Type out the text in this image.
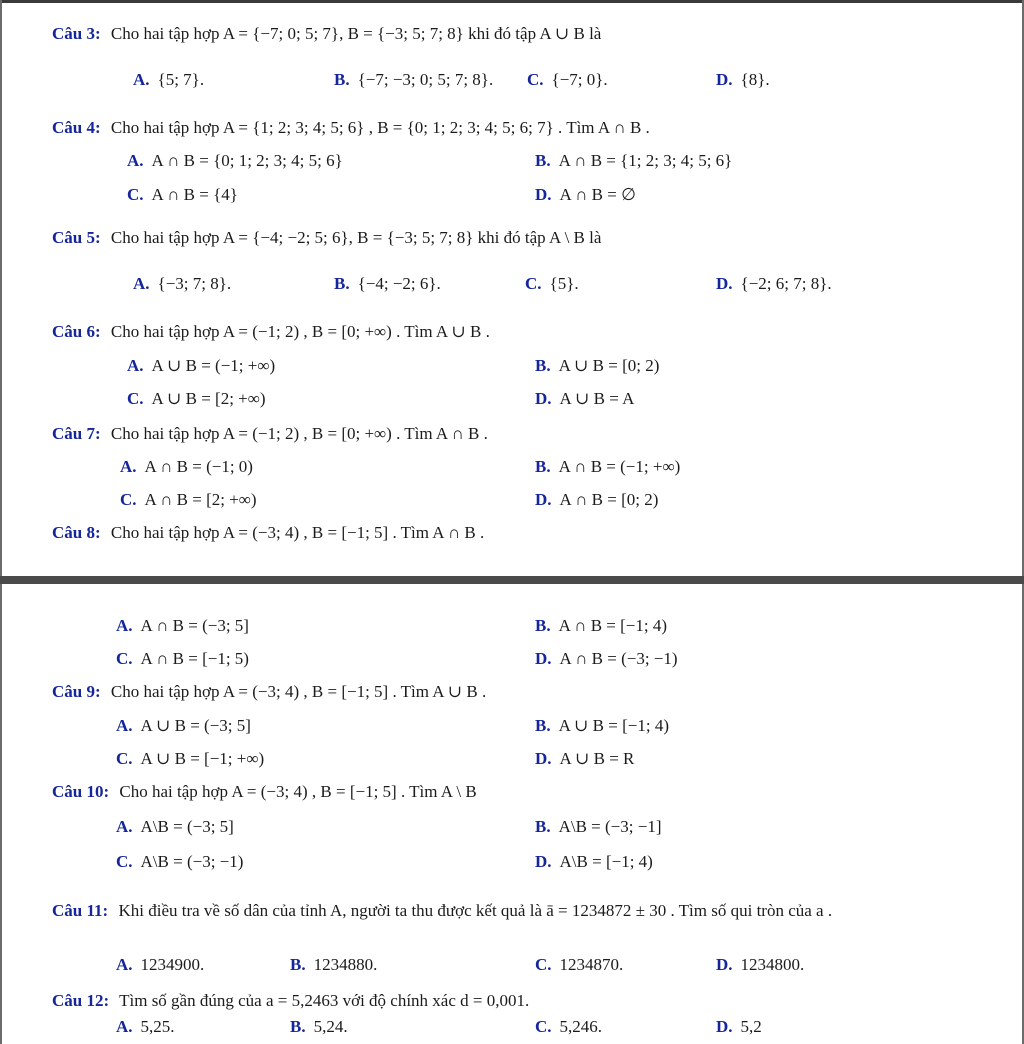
Câu 3: Cho hai tập hợp A = {−7; 0; 5; 7}, B = {−3; 5; 7; 8} khi đó tập A ∪ B là
A. {5; 7}.	B. {−7; −3; 0; 5; 7; 8}. C. {−7; 0}.	D. {8}.
Câu 4: Cho hai tập hợp A = {1; 2; 3; 4; 5; 6} , B = {0; 1; 2; 3; 4; 5; 6; 7} . Tìm A ∩ B .
A. A ∩ B = {0; 1; 2; 3; 4; 5; 6}	B. A ∩ B = {1; 2; 3; 4; 5; 6}
C. A ∩ B = {4}	D. A ∩ B = ∅
Câu 5: Cho hai tập hợp A = {−4; −2; 5; 6}, B = {−3; 5; 7; 8} khi đó tập A \ B là
A. {−3; 7; 8}.	B. {−4; −2; 6}.	C. {5}.	D. {−2; 6; 7; 8}.
Câu 6: Cho hai tập hợp A = (−1; 2) , B = [0; +∞) . Tìm A ∪ B .
A. A ∪ B = (−1; +∞)	B. A ∪ B = [0; 2)
C. A ∪ B = [2; +∞)	D. A ∪ B = A
Câu 7: Cho hai tập hợp A = (−1; 2) , B = [0; +∞) . Tìm A ∩ B .
A. A ∩ B = (−1; 0)	B. A ∩ B = (−1; +∞)
C. A ∩ B = [2; +∞)	D. A ∩ B = [0; 2)
Câu 8: Cho hai tập hợp A = (−3; 4) , B = [−1; 5] . Tìm A ∩ B .
A. A ∩ B = (−3; 5]	B. A ∩ B = [−1; 4)
C. A ∩ B = [−1; 5)	D. A ∩ B = (−3; −1)
Câu 9: Cho hai tập hợp A = (−3; 4) , B = [−1; 5] . Tìm A ∪ B .
A. A ∪ B = (−3; 5]	B. A ∪ B = [−1; 4)
C. A ∪ B = [−1; +∞)	D. A ∪ B = R
Câu 10: Cho hai tập hợp A = (−3; 4) , B = [−1; 5] . Tìm A \ B
A. A\B = (−3; 5]	B. A\B = (−3; −1]
C. A\B = (−3; −1)	D. A\B = [−1; 4)
Câu 11: Khi điều tra về số dân của tỉnh A, người ta thu được kết quả là ā = 1234872 ± 30 . Tìm số qui tròn của a .
A. 1234900.	B. 1234880.	C. 1234870.	D. 1234800.
Câu 12: Tìm số gần đúng của a = 5,2463 với độ chính xác d = 0,001.
A. 5,25.	B. 5,24.	C. 5,246.	D. 5,2
